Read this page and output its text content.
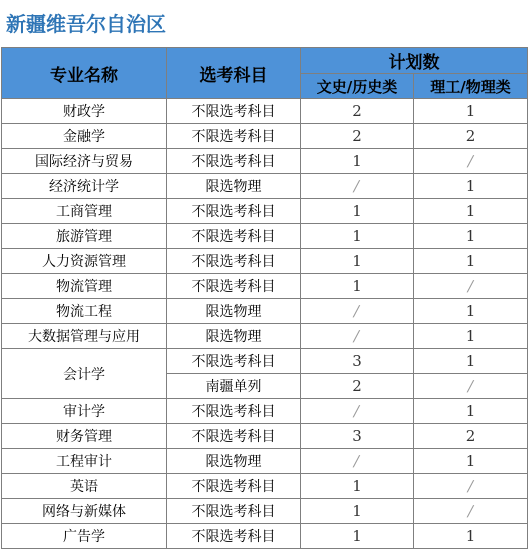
新疆维吾尔自治区
专业名称	选考科目	计划数	
		文史/历史类	理工/物理类
财政学	不限选考科目	2	1
金融学	不限选考科目	2	2
国际经济与贸易	不限选考科目	1	/
经济统计学	限选物理	/	1
工商管理	不限选考科目	1	1
旅游管理	不限选考科目	1	1
人力资源管理	不限选考科目	1	1
物流管理	不限选考科目	1	/
物流工程	限选物理	/	1
大数据管理与应用	限选物理	/	1
会计学	不限选考科目	3	1
	南疆单列	2	/
审计学	不限选考科目	/	1
财务管理	不限选考科目	3	2
工程审计	限选物理	/	1
英语	不限选考科目	1	/
网络与新媒体	不限选考科目	1	/
广告学	不限选考科目	1	1
